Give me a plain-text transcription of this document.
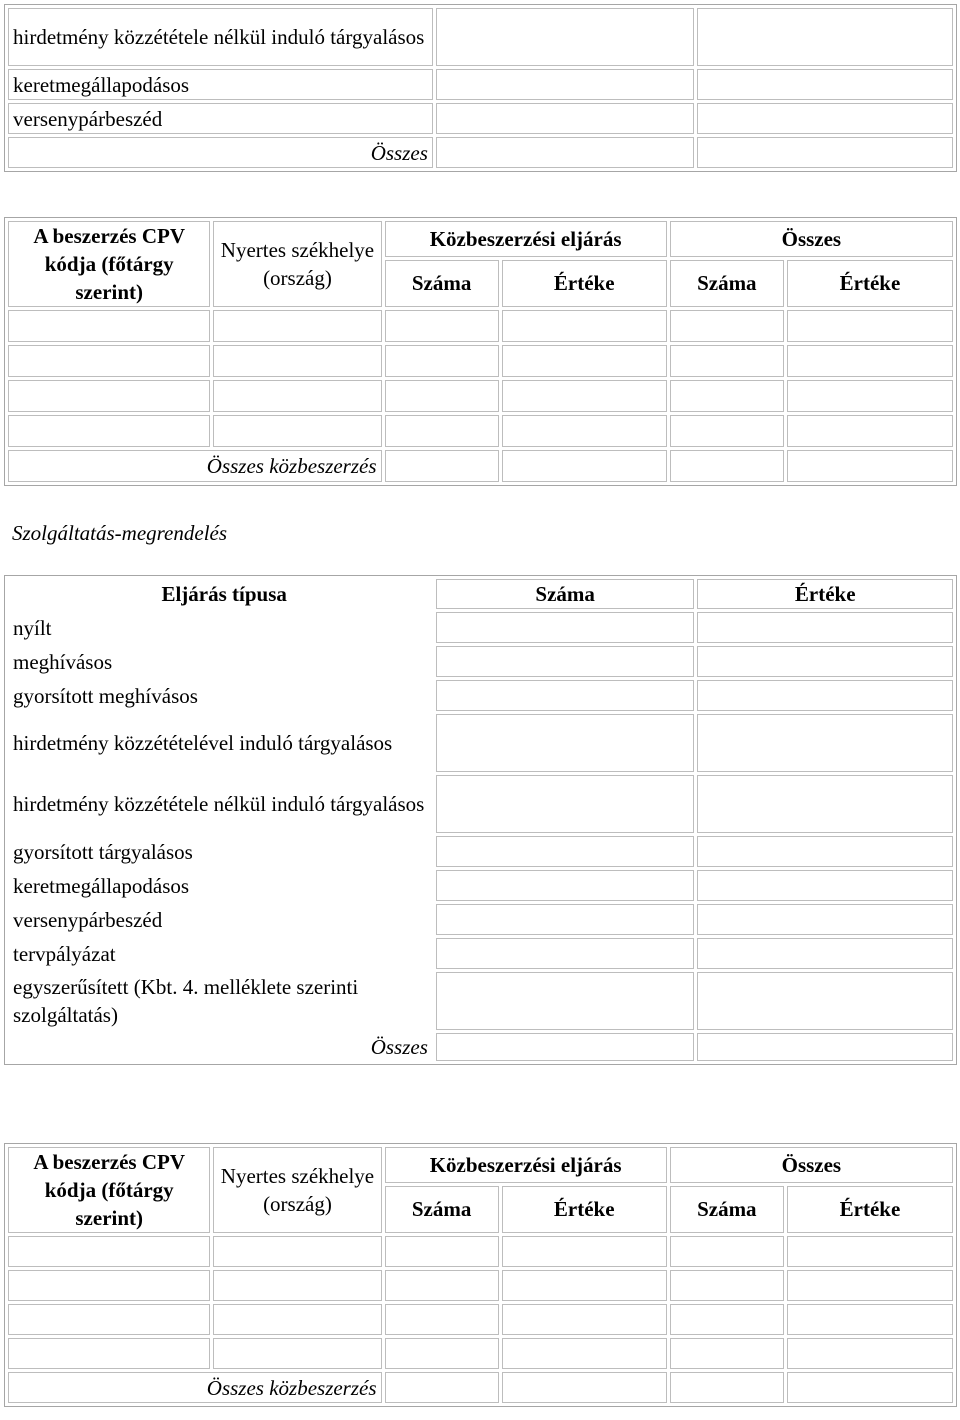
hirdetmény közzététele nélkül induló tárgyalásos		
keretmegállapodásos		
versenypárbeszéd		
Összes		
A beszerzés CPV kódja (főtárgy szerint)	Nyertes székhelye (ország)	Közbeszerzési eljárás		Összes	
		Száma	Értéke	Száma	Értéke

Összes közbeszerzés					
Szolgáltatás-megrendelés
Eljárás típusa	Száma	Értéke
nyílt		
meghívásos		
gyorsított meghívásos		
hirdetmény közzétételével induló tárgyalásos		
hirdetmény közzététele nélkül induló tárgyalásos		
gyorsított tárgyalásos		
keretmegállapodásos		
versenypárbeszéd		
tervpályázat		
egyszerűsített (Kbt. 4. melléklete szerinti szolgáltatás)		
Összes		
A beszerzés CPV kódja (főtárgy szerint)	Nyertes székhelye (ország)	Közbeszerzési eljárás		Összes	
		Száma	Értéke	Száma	Értéke

Összes közbeszerzés					
